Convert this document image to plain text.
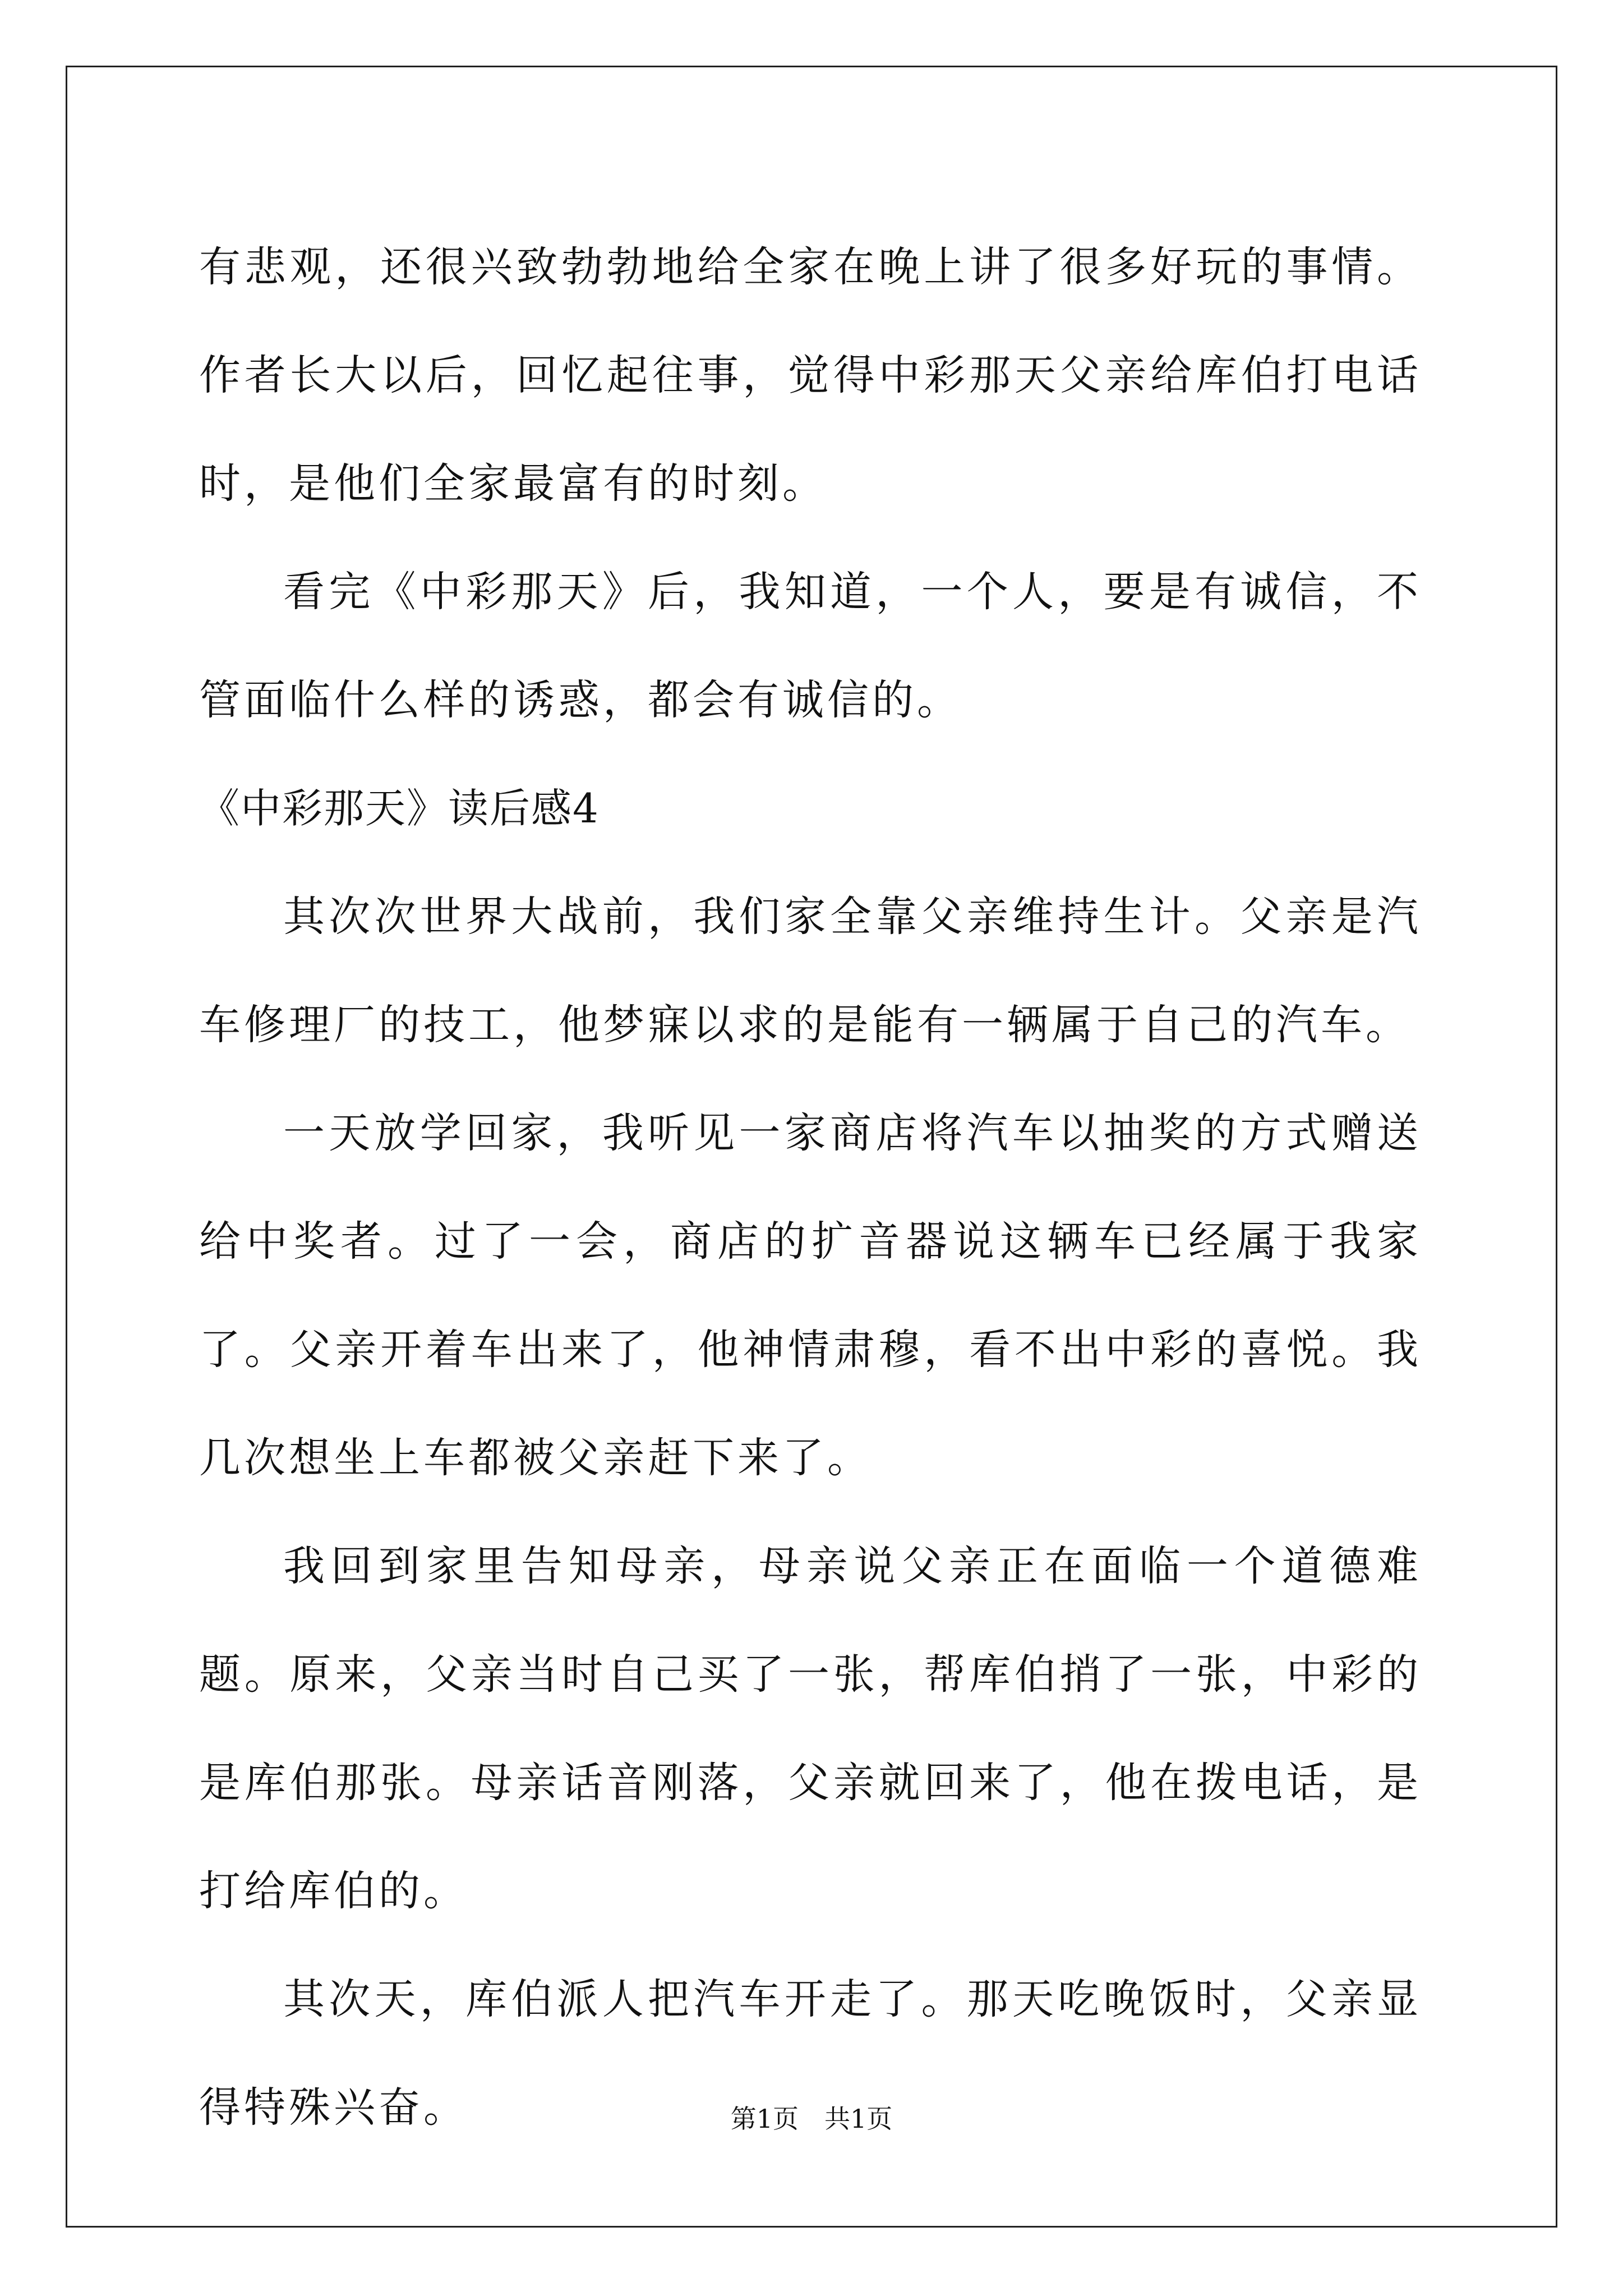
有悲观，还很兴致勃勃地给全家在晚上讲了很多好玩的事情。作者长大以后，回忆起往事，觉得中彩那天父亲给库伯打电话时，是他们全家最富有的时刻。

看完《中彩那天》后，我知道，一个人，要是有诚信，不管面临什么样的诱惑，都会有诚信的。

《中彩那天》读后感4

其次次世界大战前，我们家全靠父亲维持生计。父亲是汽车修理厂的技工，他梦寐以求的是能有一辆属于自己的汽车。

一天放学回家，我听见一家商店将汽车以抽奖的方式赠送给中奖者。过了一会，商店的扩音器说这辆车已经属于我家了。父亲开着车出来了，他神情肃穆，看不出中彩的喜悦。我几次想坐上车都被父亲赶下来了。

我回到家里告知母亲，母亲说父亲正在面临一个道德难题。原来，父亲当时自己买了一张，帮库伯捎了一张，中彩的是库伯那张。母亲话音刚落，父亲就回来了，他在拨电话，是打给库伯的。

其次天，库伯派人把汽车开走了。那天吃晚饭时，父亲显得特殊兴奋。	第1页　共1页
